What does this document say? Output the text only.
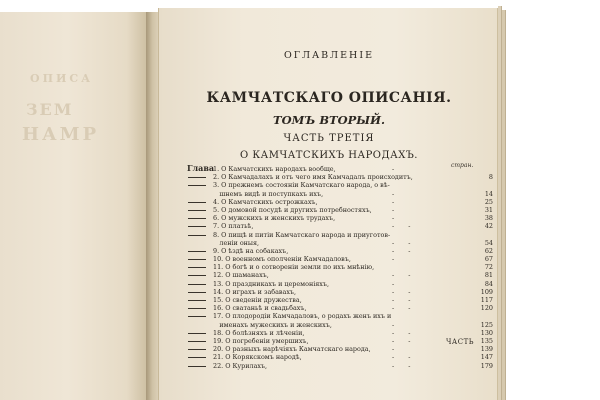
ОПИСА
ЗЕМ
НАМР
ОГЛАВЛЕНІЕ
КАМЧАТСКАГО ОПИСАНІЯ.
ТОМЪ ВТОРЫЙ.
ЧАСТЬ ТРЕТІЯ
О КАМЧАТСКИХЪ НАРОДАХЪ.
стран.
Глава
1. О Камчатскихъ народахъ вообще,	-
2. О Камчадалахъ и отъ чего имя Камчадалъ происходитъ,	8
3. О прежнемъ состояніи Камчатскаго народа, о вѣ-
 шнемъ видѣ и поступкахъ ихъ,	-	14
4. О Камчатскихъ острожкахъ,	-	25
5. О домовой посудѣ и другихъ потребностяхъ,	-	31
6. О мужскихъ и женскихъ трудахъ,	-	38
7. О платьѣ,	- -	42
8. О пищѣ и питіи Камчатскаго народа и приуготов-
 леніи оныя,	- -	54
9. О ѣздѣ на собакахъ,	- -	62
10. О военномъ ополченіи Камчадаловъ,	-	67
11. О богѣ и о сотвореніи земли по ихъ мнѣнію,	72
12. О шаманахъ,	- -	81
13. О праздникахъ и церемоніяхъ,	-	84
14. О играхъ и забавахъ,	- -	109
15. О сведеніи дружества,	- -	117
16. О сватаньѣ и свадьбахъ,	- -	120
17. О плодородіи Камчадаловъ, о родахъ женъ ихъ и
 именахъ мужескихъ и женскихъ,	-	125
18. О болѣзняхъ и лѣченіи,	- -	130
19. О погребеніи умершихъ,	- -	135
20. О разныхъ нарѣчіяхъ Камчатскаго народа,	-	139
21. О Корякскомъ народѣ,	- -	147
22. О Курилахъ,	- -	179
ЧАСТЬ
